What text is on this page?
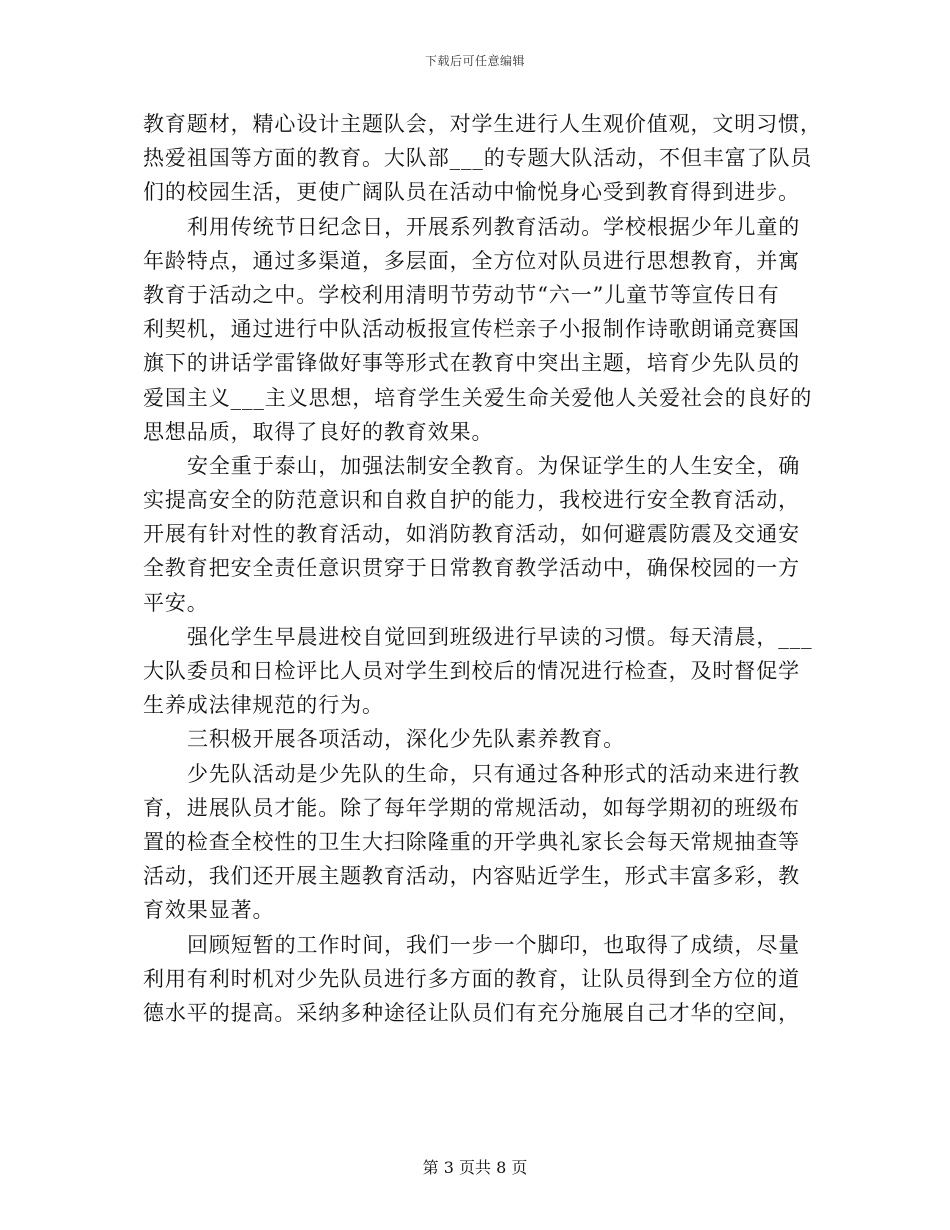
下载后可任意编辑
教育题材，精心设计主题队会，对学生进行人生观价值观，文明习惯，
热爱祖国等方面的教育。大队部___的专题大队活动，不但丰富了队员
们的校园生活，更使广阔队员在活动中愉悦身心受到教育得到进步。
利用传统节日纪念日，开展系列教育活动。学校根据少年儿童的
年龄特点，通过多渠道，多层面，全方位对队员进行思想教育，并寓
教育于活动之中。学校利用清明节劳动节“六一”儿童节等宣传日有
利契机，通过进行中队活动板报宣传栏亲子小报制作诗歌朗诵竞赛国
旗下的讲话学雷锋做好事等形式在教育中突出主题，培育少先队员的
爱国主义___主义思想，培育学生关爱生命关爱他人关爱社会的良好的
思想品质，取得了良好的教育效果。
安全重于泰山，加强法制安全教育。为保证学生的人生安全，确
实提高安全的防范意识和自救自护的能力，我校进行安全教育活动，
开展有针对性的教育活动，如消防教育活动，如何避震防震及交通安
全教育把安全责任意识贯穿于日常教育教学活动中，确保校园的一方
平安。
强化学生早晨进校自觉回到班级进行早读的习惯。每天清晨，___
大队委员和日检评比人员对学生到校后的情况进行检查，及时督促学
生养成法律规范的行为。
三积极开展各项活动，深化少先队素养教育。
少先队活动是少先队的生命，只有通过各种形式的活动来进行教
育，进展队员才能。除了每年学期的常规活动，如每学期初的班级布
置的检查全校性的卫生大扫除隆重的开学典礼家长会每天常规抽查等
活动，我们还开展主题教育活动，内容贴近学生，形式丰富多彩，教
育效果显著。
回顾短暂的工作时间，我们一步一个脚印，也取得了成绩，尽量
利用有利时机对少先队员进行多方面的教育，让队员得到全方位的道
德水平的提高。采纳多种途径让队员们有充分施展自己才华的空间，
第 3 页共 8 页
